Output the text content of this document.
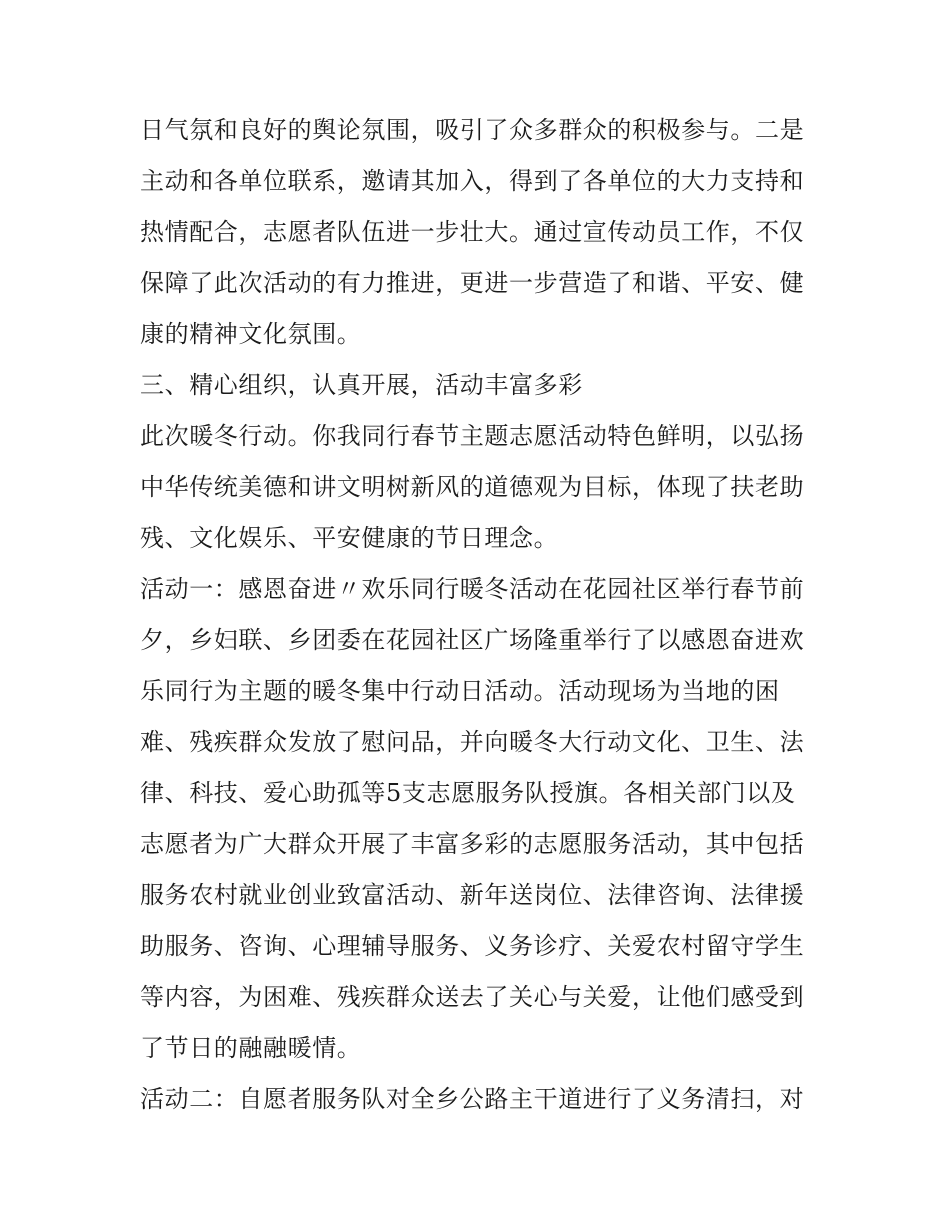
日气氛和良好的舆论氛围，吸引了众多群众的积极参与。二是

主动和各单位联系，邀请其加入，得到了各单位的大力支持和

热情配合，志愿者队伍进一步壮大。通过宣传动员工作，不仅

保障了此次活动的有力推进，更进一步营造了和谐、平安、健

康的精神文化氛围。

三、精心组织，认真开展，活动丰富多彩

此次暖冬行动。你我同行春节主题志愿活动特色鲜明，以弘扬

中华传统美德和讲文明树新风的道德观为目标，体现了扶老助

残、文化娱乐、平安健康的节日理念。

活动一：感恩奋进〃欢乐同行暖冬活动在花园社区举行春节前

夕，乡妇联、乡团委在花园社区广场隆重举行了以感恩奋进欢

乐同行为主题的暖冬集中行动日活动。活动现场为当地的困

难、残疾群众发放了慰问品，并向暖冬大行动文化、卫生、法

律、科技、爱心助孤等5支志愿服务队授旗。各相关部门以及

志愿者为广大群众开展了丰富多彩的志愿服务活动，其中包括

服务农村就业创业致富活动、新年送岗位、法律咨询、法律援

助服务、咨询、心理辅导服务、义务诊疗、关爱农村留守学生

等内容，为困难、残疾群众送去了关心与关爱，让他们感受到

了节日的融融暖情。

活动二：自愿者服务队对全乡公路主干道进行了义务清扫，对
